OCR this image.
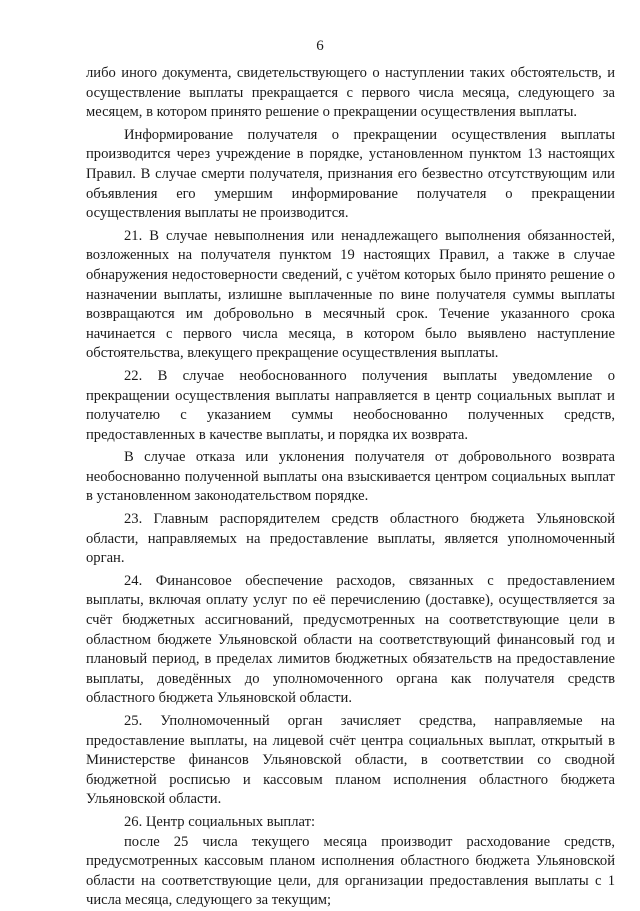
6

либо иного документа, свидетельствующего о наступлении таких обстоятельств, и осуществление выплаты прекращается с первого числа месяца, следующего за месяцем, в котором принято решение о прекращении осуществления выплаты.

Информирование получателя о прекращении осуществления выплаты производится через учреждение в порядке, установленном пунктом 13 настоящих Правил. В случае смерти получателя, признания его безвестно отсутствующим или объявления его умершим информирование получателя о прекращении осуществления выплаты не производится.

21. В случае невыполнения или ненадлежащего выполнения обязанностей, возложенных на получателя пунктом 19 настоящих Правил, а также в случае обнаружения недостоверности сведений, с учётом которых было принято решение о назначении выплаты, излишне выплаченные по вине получателя суммы выплаты возвращаются им добровольно в месячный срок. Течение указанного срока начинается с первого числа месяца, в котором было выявлено наступление обстоятельства, влекущего прекращение осуществления выплаты.

22. В случае необоснованного получения выплаты уведомление о прекращении осуществления выплаты направляется в центр социальных выплат и получателю с указанием суммы необоснованно полученных средств, предоставленных в качестве выплаты, и порядка их возврата.

В случае отказа или уклонения получателя от добровольного возврата необоснованно полученной выплаты она взыскивается центром социальных выплат в установленном законодательством порядке.

23. Главным распорядителем средств областного бюджета Ульяновской области, направляемых на предоставление выплаты, является уполномоченный орган.

24. Финансовое обеспечение расходов, связанных с предоставлением выплаты, включая оплату услуг по её перечислению (доставке), осуществляется за счёт бюджетных ассигнований, предусмотренных на соответствующие цели в областном бюджете Ульяновской области на соответствующий финансовый год и плановый период, в пределах лимитов бюджетных обязательств на предоставление выплаты, доведённых до уполномоченного органа как получателя средств областного бюджета Ульяновской области.

25. Уполномоченный орган зачисляет средства, направляемые на предоставление выплаты, на лицевой счёт центра социальных выплат, открытый в Министерстве финансов Ульяновской области, в соответствии со сводной бюджетной росписью и кассовым планом исполнения областного бюджета Ульяновской области.

26. Центр социальных выплат:

после 25 числа текущего месяца производит расходование средств, предусмотренных кассовым планом исполнения областного бюджета Ульяновской области на соответствующие цели, для организации предоставления выплаты с 1 числа месяца, следующего за текущим;
